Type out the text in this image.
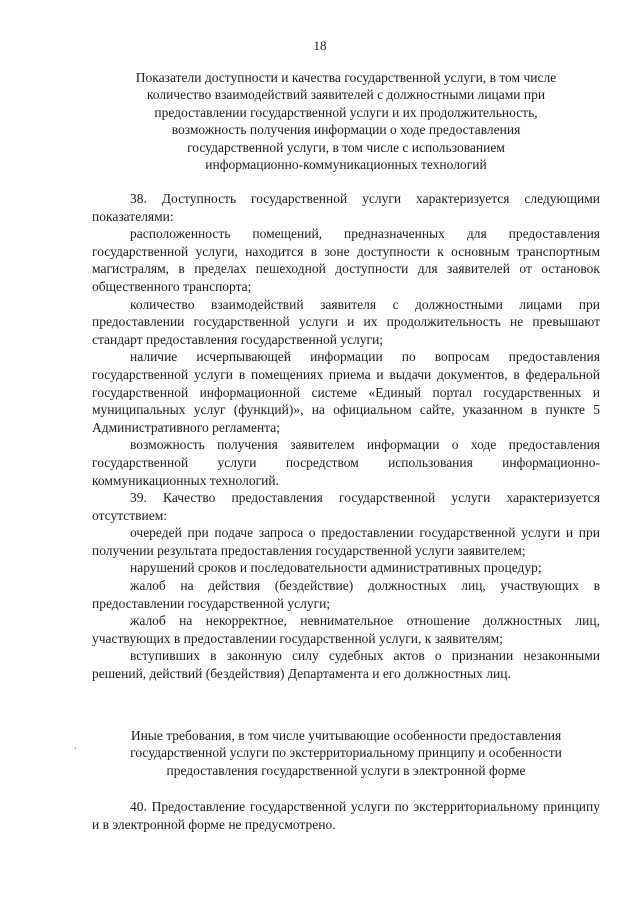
18

Показатели доступности и качества государственной услуги, в том числе

количество взаимодействий заявителей с должностными лицами при

предоставлении государственной услуги и их продолжительность,

возможность получения информации о ходе предоставления

государственной услуги, в том числе с использованием

информационно-коммуникационных технологий

38. Доступность государственной услуги характеризуется следующими показателями:

расположенность помещений, предназначенных для предоставления государственной услуги, находится в зоне доступности к основным транспортным магистралям, в пределах пешеходной доступности для заявителей от остановок общественного транспорта;

количество взаимодействий заявителя с должностными лицами при предоставлении государственной услуги и их продолжительность не превышают стандарт предоставления государственной услуги;

наличие исчерпывающей информации по вопросам предоставления государственной услуги в помещениях приема и выдачи документов, в федеральной государственной информационной системе «Единый портал государственных и муниципальных услуг (функций)», на официальном сайте, указанном в пункте 5 Административного регламента;

возможность получения заявителем информации о ходе предоставления государственной услуги посредством использования информационно-коммуникационных технологий.

39. Качество предоставления государственной услуги характеризуется отсутствием:

очередей при подаче запроса о предоставлении государственной услуги и при получении результата предоставления государственной услуги заявителем;

нарушений сроков и последовательности административных процедур;

жалоб на действия (бездействие) должностных лиц, участвующих в предоставлении государственной услуги;

жалоб на некорректное, невнимательное отношение должностных лиц, участвующих в предоставлении государственной услуги, к заявителям;

вступивших в законную силу судебных актов о признании незаконными решений, действий (бездействия) Департамента и его должностных лиц.

.

Иные требования, в том числе учитывающие особенности предоставления

государственной услуги по экстерриториальному принципу и особенности

предоставления государственной услуги в электронной форме

40. Предоставление государственной услуги по экстерриториальному принципу и в электронной форме не предусмотрено.
